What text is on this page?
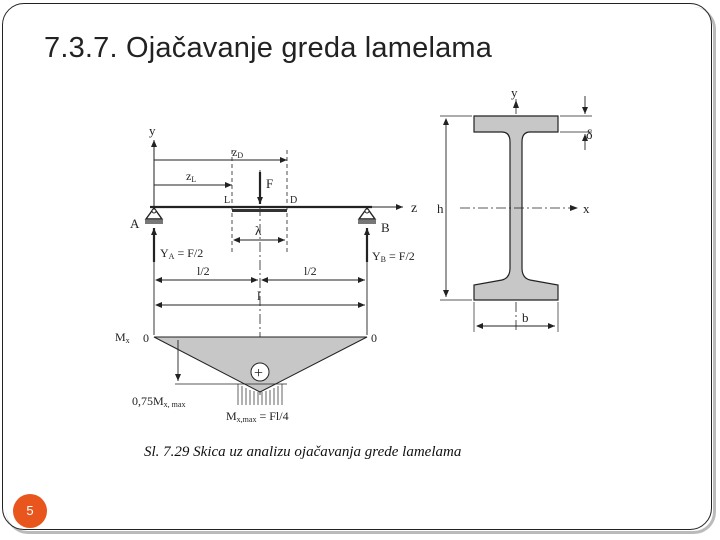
7.3.7. Ojačavanje greda lamelama
y
zD
zL	F
L	D
z
A	B
λ
YA = F/2	YB = F/2
l/2	l/2
l
+
Mx 0	0
0,75Mx, max
Mx,max = Fl/4
y
x
h
δ
b
Sl. 7.29 Skica uz analizu ojačavanja grede lamelama
5
